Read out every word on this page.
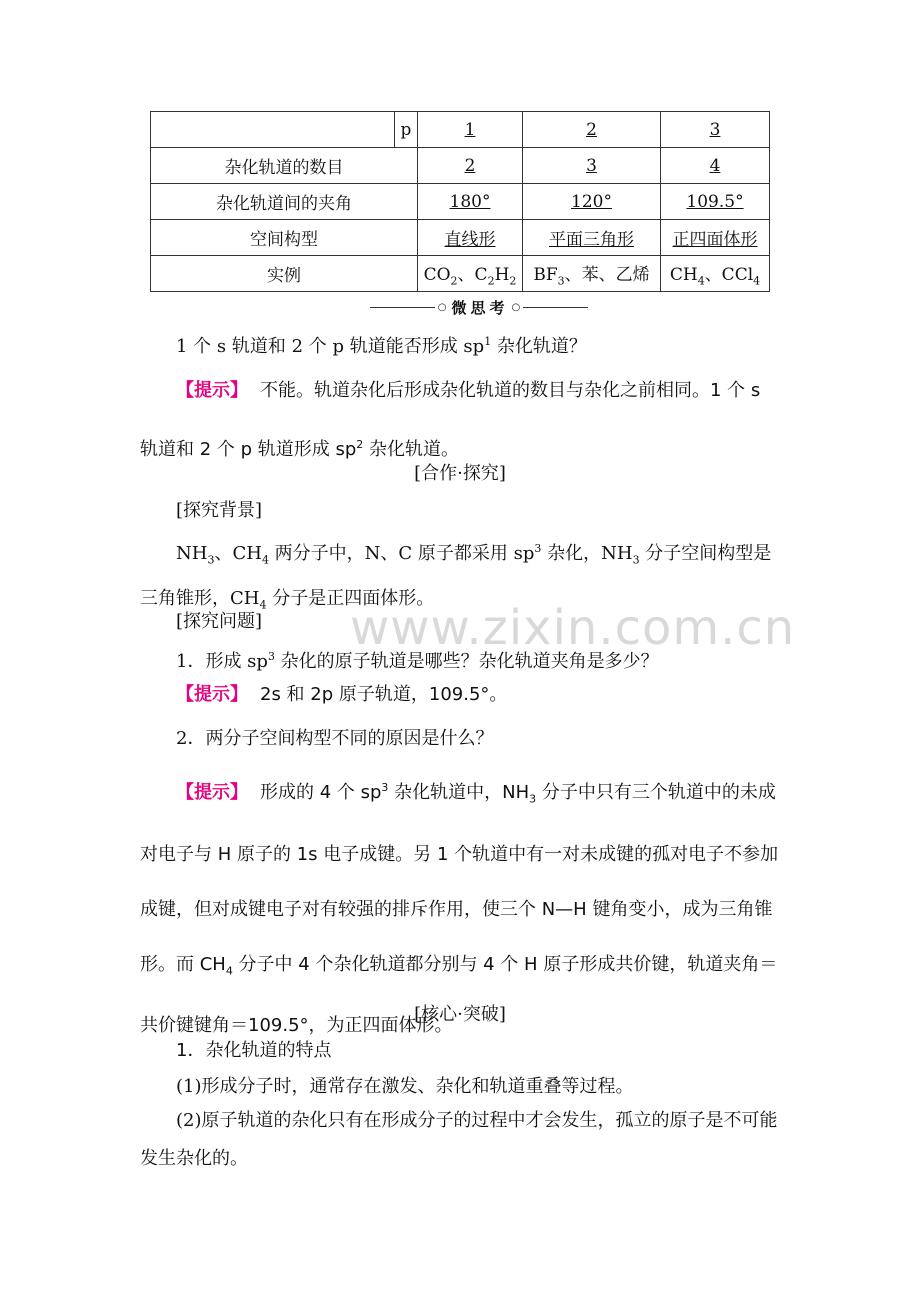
	p	1	2	3
杂化轨道的数目		2	3	4
杂化轨道间的夹角		180°	120°	109.5°
空间构型		直线形	平面三角形	正四面体形
实例		$CO_2$、$C_2H_2$	$BF_3$、苯、乙烯	$CH_4$、CCl$_4$
○ 微思考 ○
1 个 s 轨道和 2 个 p 轨道能否形成 $sp^1$ 杂化轨道？
【提示】 不能。轨道杂化后形成杂化轨道的数目与杂化之前相同。1 个 s 轨道和 2 个 p 轨道形成 $sp^2$ 杂化轨道。
[合作·探究]
[探究背景]
$NH_3$、$CH_4$ 两分子中，N、C 原子都采用 $sp^3$ 杂化，$NH_3$ 分子空间构型是三角锥形，$CH_4$ 分子是正四面体形。
[探究问题]
1．形成 $sp^3$ 杂化的原子轨道是哪些？杂化轨道夹角是多少？
【提示】 2s 和 2p 原子轨道，109.5°。
2．两分子空间构型不同的原因是什么？
【提示】 形成的 4 个 $sp^3$ 杂化轨道中，$NH_3$ 分子中只有三个轨道中的未成对电子与 H 原子的 1s 电子成键。另 1 个轨道中有一对未成键的孤对电子不参加成键，但对成键电子对有较强的排斥作用，使三个 N—H 键角变小，成为三角锥形。而 $CH_4$ 分子中 4 个杂化轨道都分别与 4 个 H 原子形成共价键，轨道夹角＝共价键键角＝109.5°，为正四面体形。
[核心·突破]
1．杂化轨道的特点
(1)形成分子时，通常存在激发、杂化和轨道重叠等过程。
(2)原子轨道的杂化只有在形成分子的过程中才会发生，孤立的原子是不可能发生杂化的。
www.zixin.com.cn
